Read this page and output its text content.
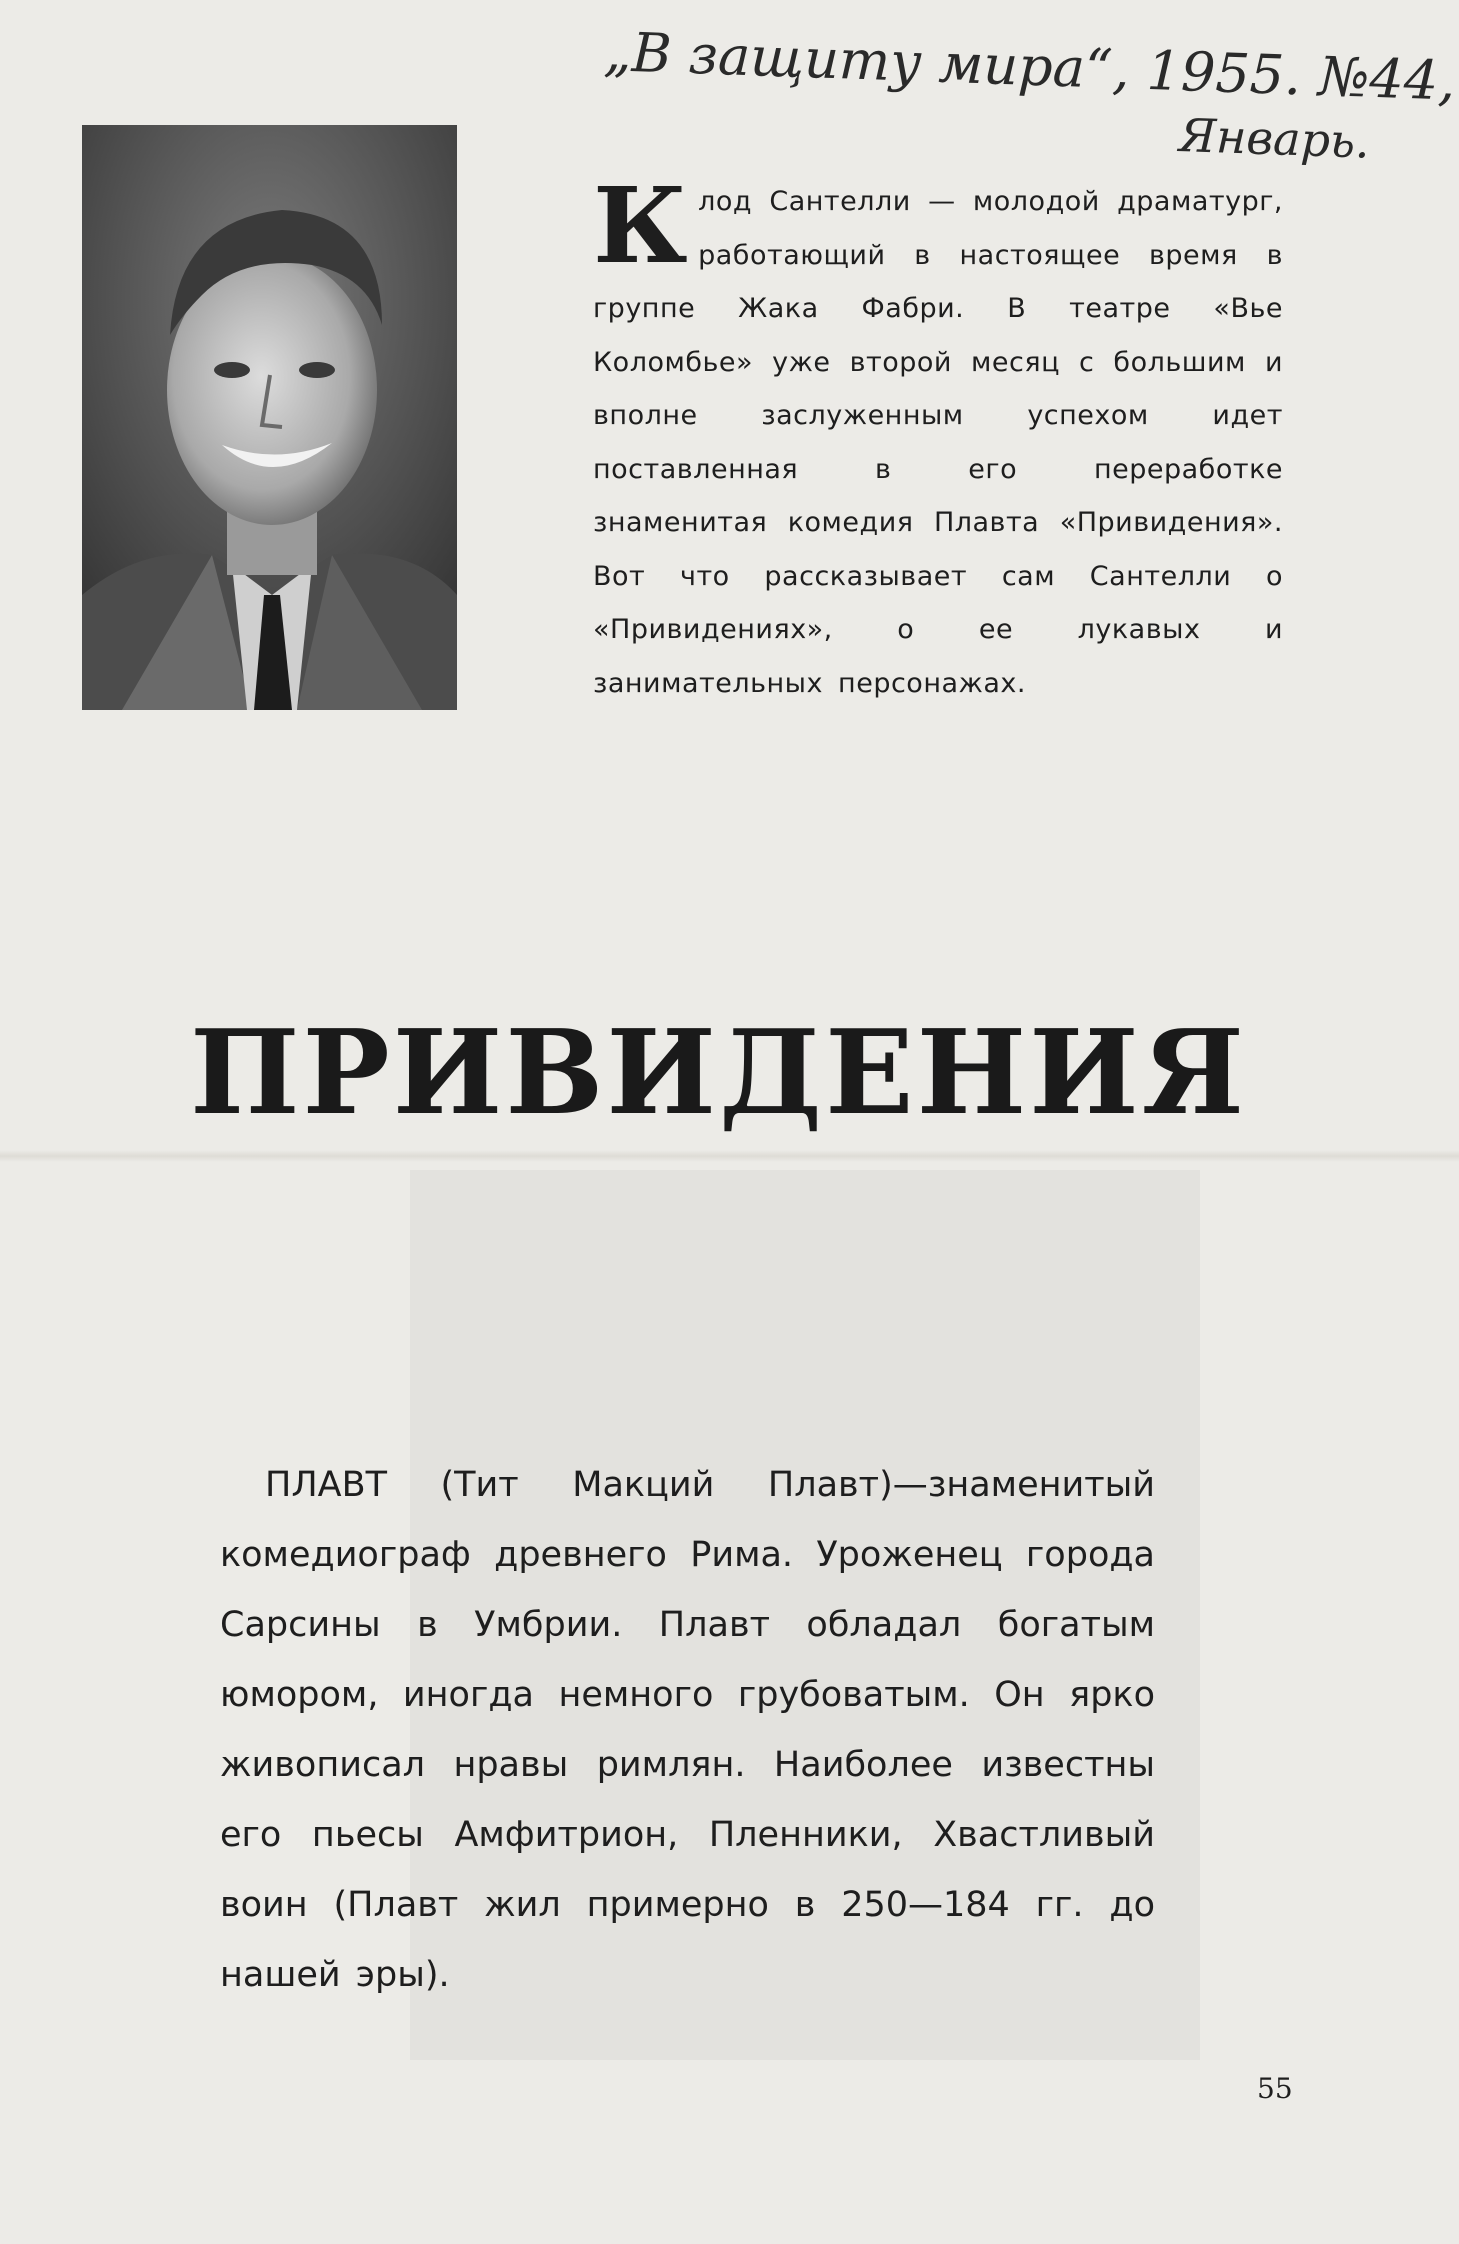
„В защиту мира“, 1955. №44,
Январь.
К лод Сантелли — молодой драматург, работающий в настоящее время в группе Жака Фабри. В театре «Вье Коломбье» уже второй месяц с большим и вполне заслуженным успехом идет поставленная в его переработке знаменитая комедия Плавта «Привидения». Вот что рассказывает сам Сантелли о «Привидениях», о ее лукавых и занимательных персонажах.
ПРИВИДЕНИЯ
ПЛАВТ (Тит Макций Плавт)—знаменитый комедиограф древнего Рима. Уроженец города Сарсины в Умбрии. Плавт обладал богатым юмором, иногда немного грубоватым. Он ярко живописал нравы римлян. Наиболее известны его пьесы Амфитрион, Пленники, Хвастливый воин (Плавт жил примерно в 250—184 гг. до нашей эры).
55
